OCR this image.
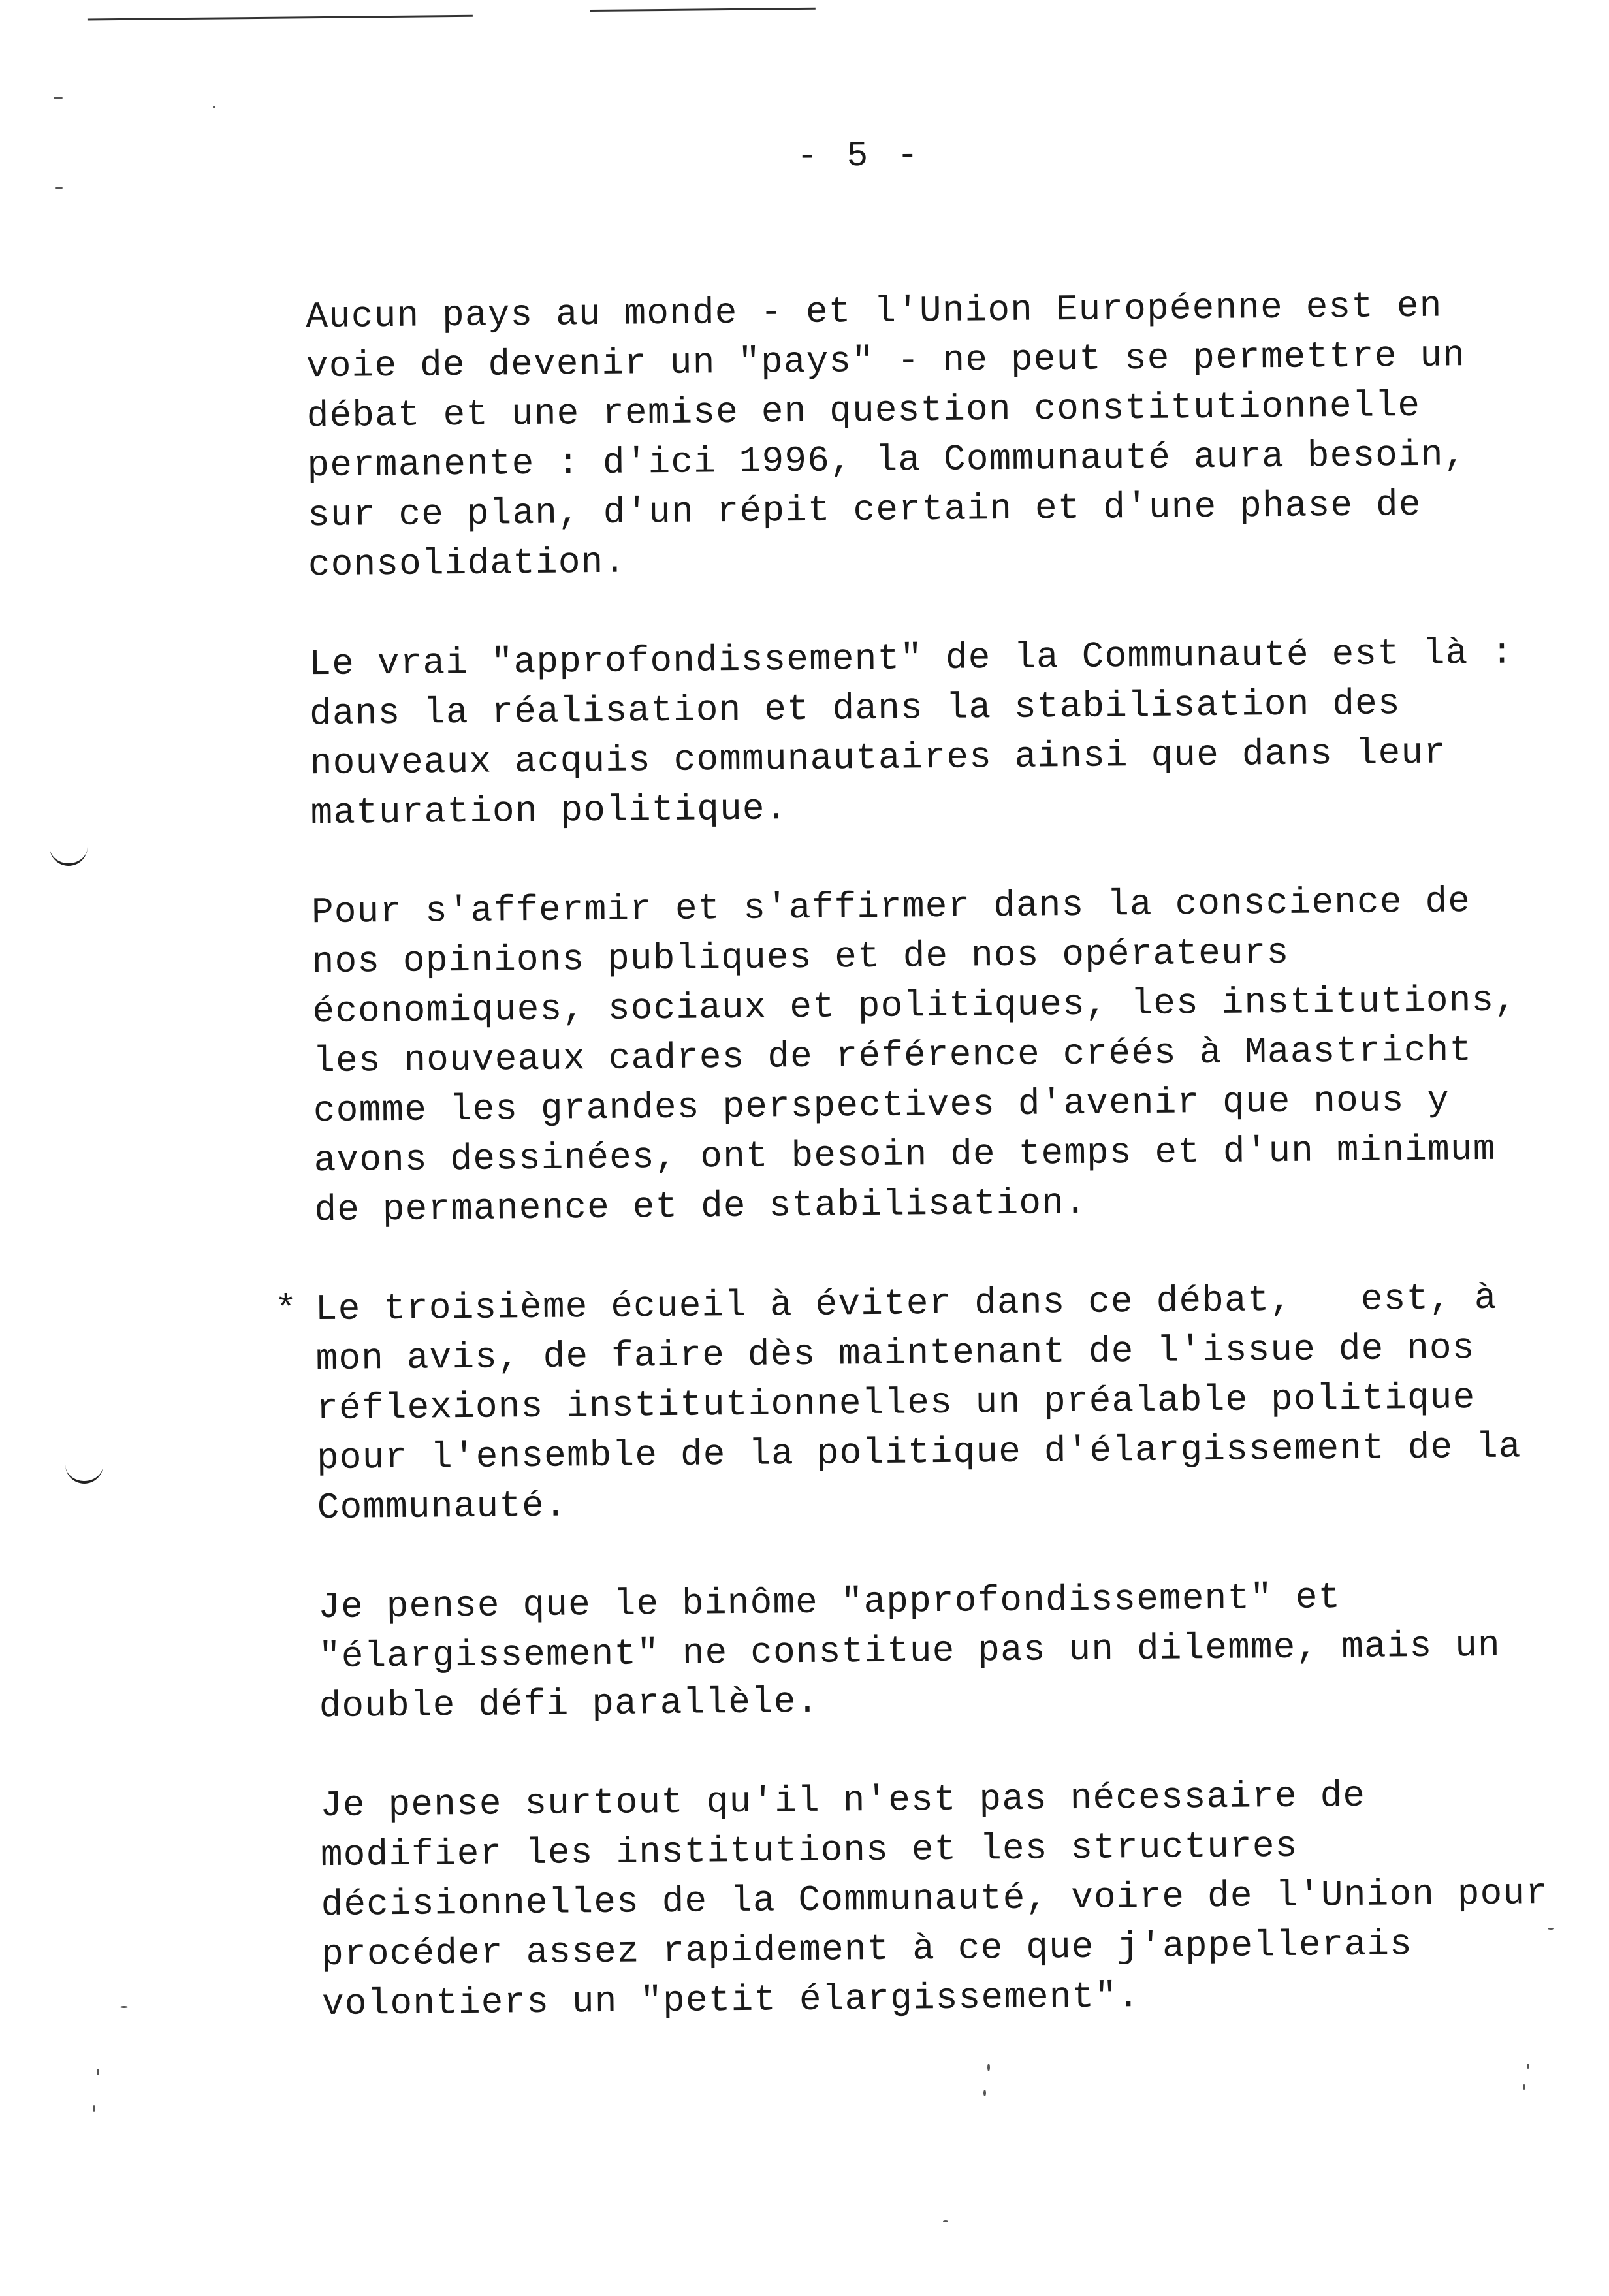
- 5 -
Aucun pays au monde - et l'Union Européenne est en
voie de devenir un "pays" - ne peut se permettre un
débat et une remise en question constitutionnelle
permanente : d'ici 1996, la Communauté aura besoin,
sur ce plan, d'un répit certain et d'une phase de
consolidation.
Le vrai "approfondissement" de la Communauté est là :
dans la réalisation et dans la stabilisation des
nouveaux acquis communautaires ainsi que dans leur
maturation politique.
Pour s'affermir et s'affirmer dans la conscience de
nos opinions publiques et de nos opérateurs
économiques, sociaux et politiques, les institutions,
les nouveaux cadres de référence créés à Maastricht
comme les grandes perspectives d'avenir que nous y
avons dessinées, ont besoin de temps et d'un minimum
de permanence et de stabilisation.
* Le troisième écueil à éviter dans ce débat,   est, à
mon avis, de faire dès maintenant de l'issue de nos
réflexions institutionnelles un préalable politique
pour l'ensemble de la politique d'élargissement de la
Communauté.
Je pense que le binôme "approfondissement" et
"élargissement" ne constitue pas un dilemme, mais un
double défi parallèle.
Je pense surtout qu'il n'est pas nécessaire de
modifier les institutions et les structures
décisionnelles de la Communauté, voire de l'Union pour
procéder assez rapidement à ce que j'appellerais
volontiers un "petit élargissement".
